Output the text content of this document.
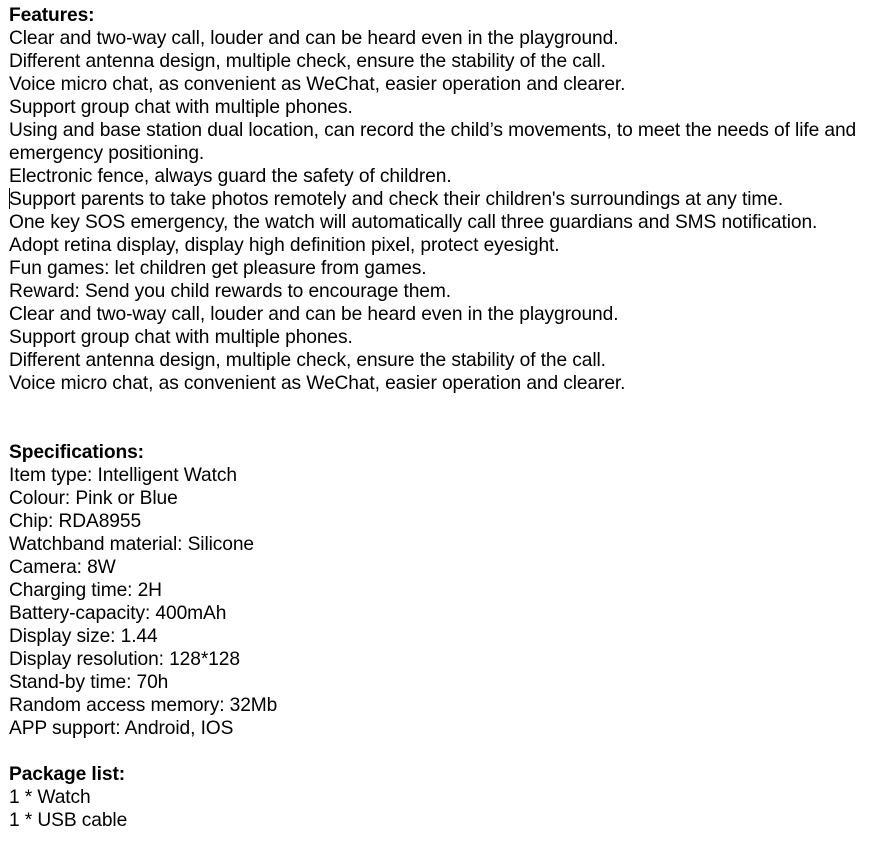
Features:
Clear and two-way call, louder and can be heard even in the playground.
Different antenna design, multiple check, ensure the stability of the call.
Voice micro chat, as convenient as WeChat, easier operation and clearer.
Support group chat with multiple phones.
Using and base station dual location, can record the child’s movements, to meet the needs of life and emergency positioning.
Electronic fence, always guard the safety of children.
Support parents to take photos remotely and check their children's surroundings at any time.
One key SOS emergency, the watch will automatically call three guardians and SMS notification.
Adopt retina display, display high definition pixel, protect eyesight.
Fun games: let children get pleasure from games.
Reward: Send you child rewards to encourage them.
Clear and two-way call, louder and can be heard even in the playground.
Support group chat with multiple phones.
Different antenna design, multiple check, ensure the stability of the call.
Voice micro chat, as convenient as WeChat, easier operation and clearer.
Specifications:
Item type: Intelligent Watch
Colour: Pink or Blue
Chip: RDA8955
Watchband material: Silicone
Camera: 8W
Charging time: 2H
Battery-capacity: 400mAh
Display size: 1.44
Display resolution: 128*128
Stand-by time: 70h
Random access memory: 32Mb
APP support: Android, IOS
Package list:
1 * Watch
1 * USB cable
